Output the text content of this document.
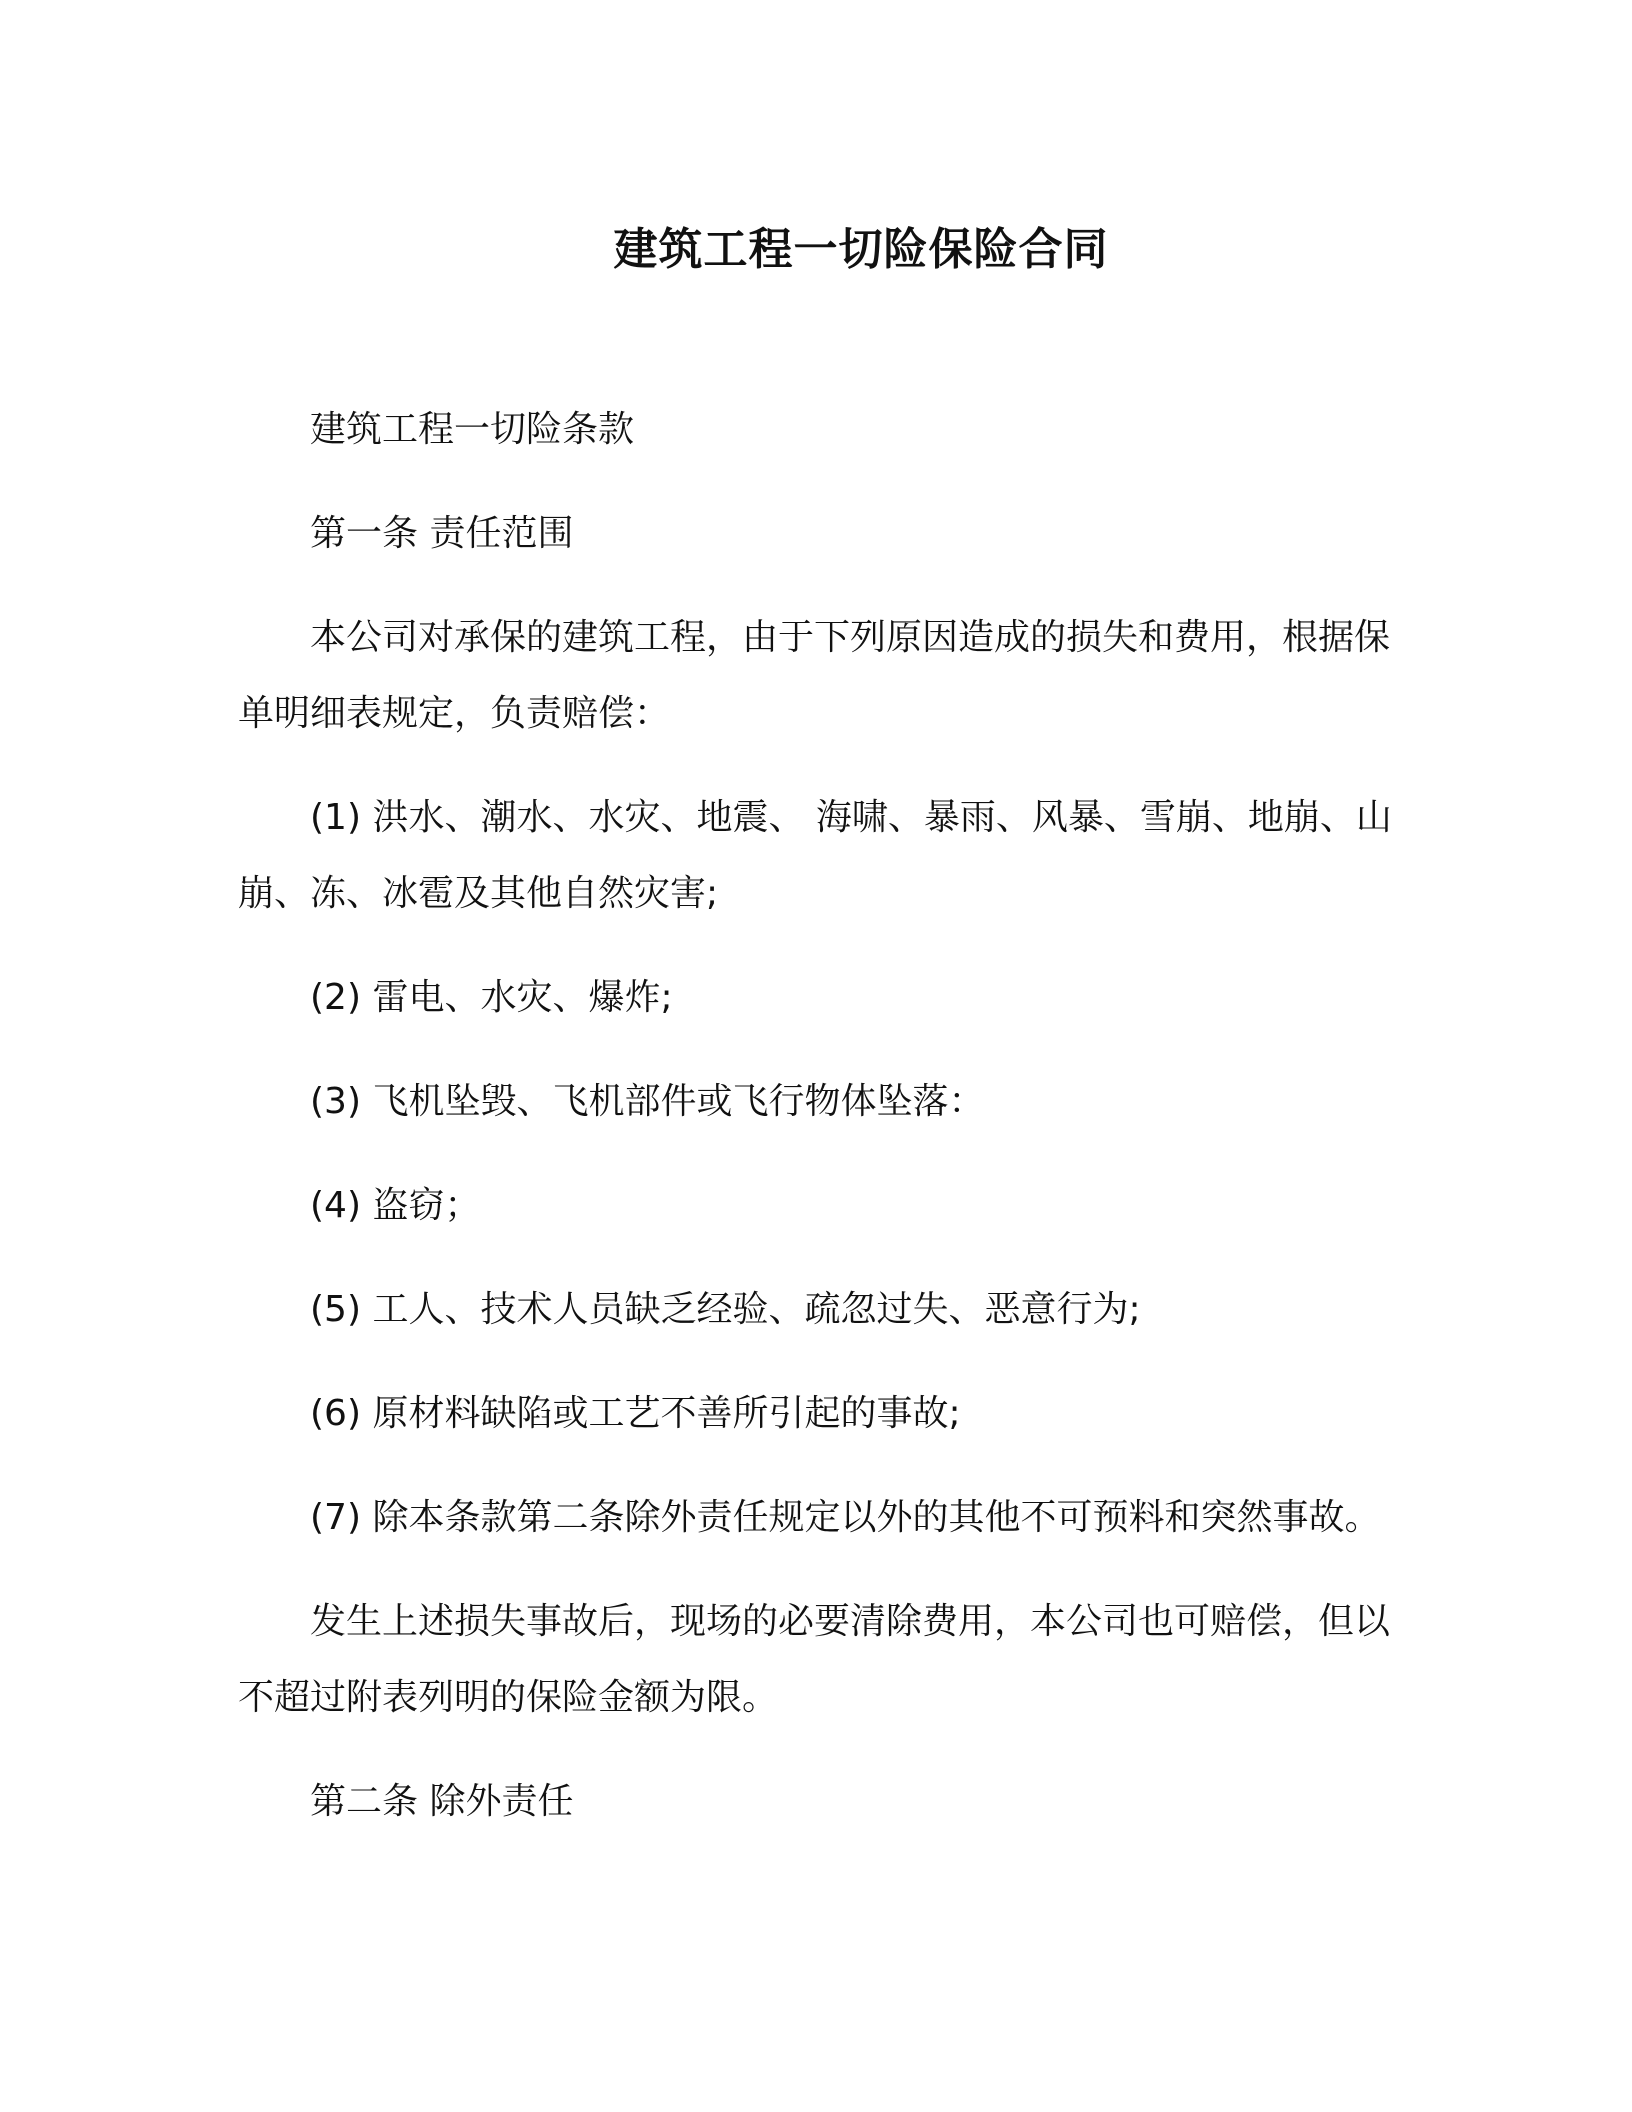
建筑工程一切险保险合同

建筑工程一切险条款

第一条 责任范围

本公司对承保的建筑工程，由于下列原因造成的损失和费用，根据保单明细表规定，负责赔偿：

(1) 洪水、潮水、水灾、地震、 海啸、暴雨、风暴、雪崩、地崩、山崩、冻、冰雹及其他自然灾害;

(2) 雷电、水灾、爆炸;

(3) 飞机坠毁、飞机部件或飞行物体坠落：

(4) 盗窃；

(5) 工人、技术人员缺乏经验、疏忽过失、恶意行为;

(6) 原材料缺陷或工艺不善所引起的事故;

(7) 除本条款第二条除外责任规定以外的其他不可预料和突然事故。

发生上述损失事故后，现场的必要清除费用，本公司也可赔偿，但以不超过附表列明的保险金额为限。

第二条 除外责任
